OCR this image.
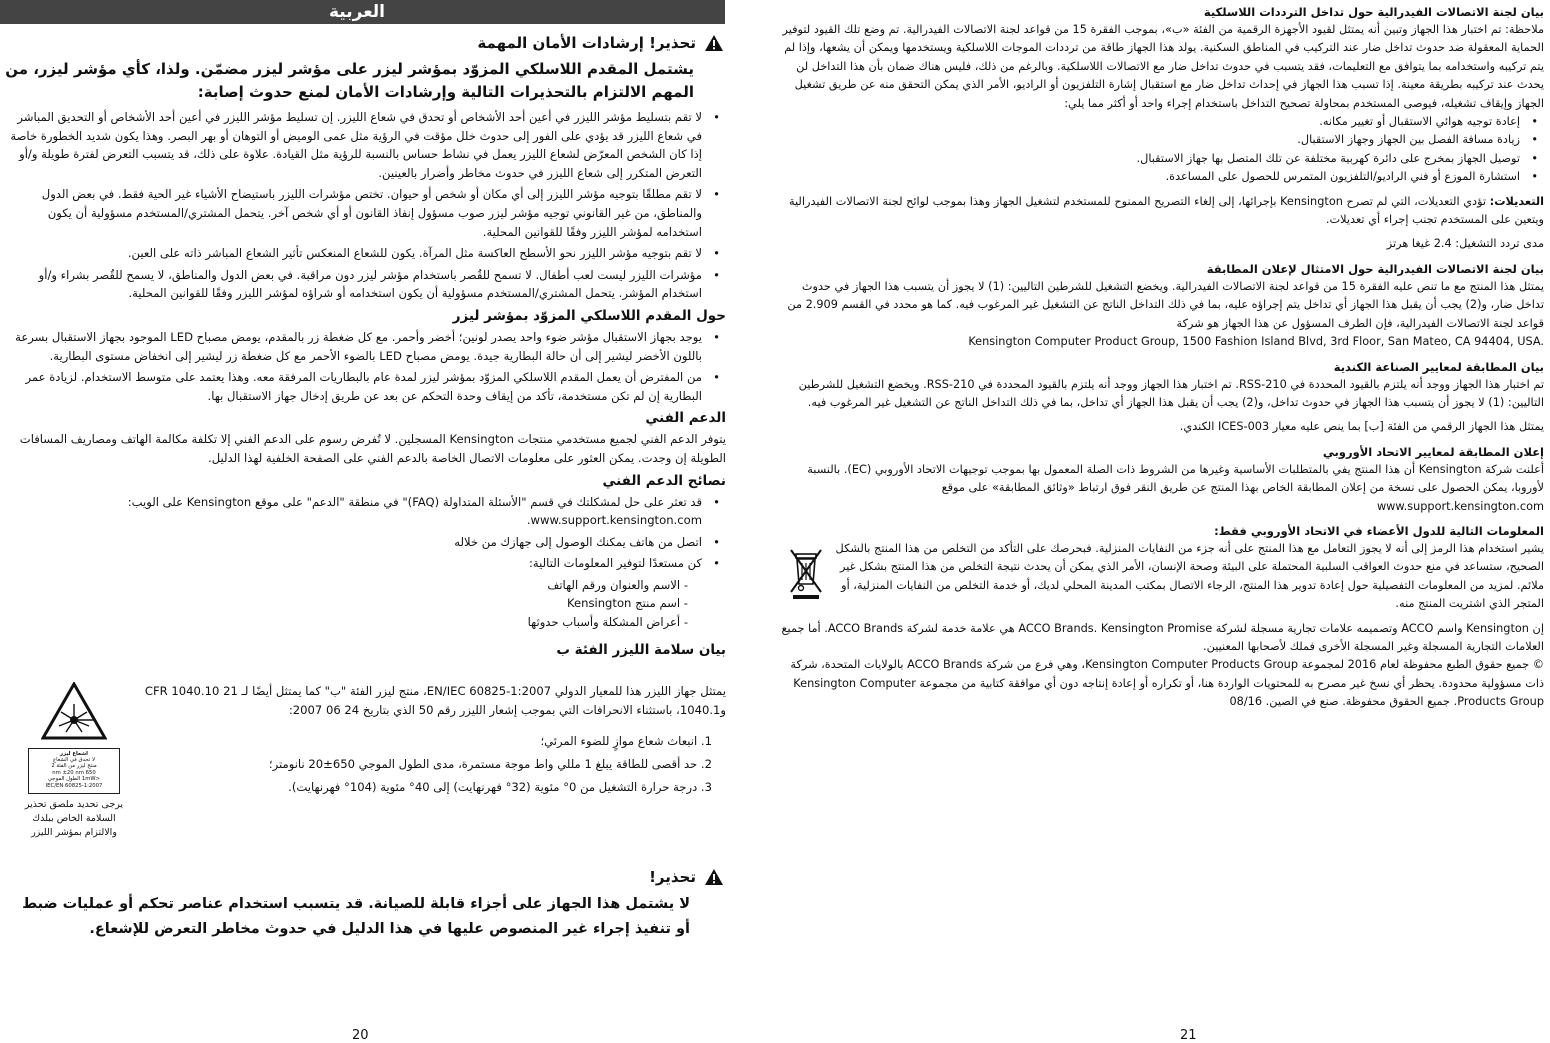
العربية
تحذير! إرشادات الأمان المهمة
يشتمل المقدم اللاسلكي المزوّد بمؤشر ليزر على مؤشر ليزر مضمّن. ولذا، كأي مؤشر ليزر، من المهم الالتزام بالتحذيرات التالية وإرشادات الأمان لمنع حدوث إصابة:
• لا تقم بتسليط مؤشر الليزر في أعين أحد الأشخاص أو تحدق في شعاع الليزر. إن تسليط مؤشر الليزر في أعين أحد الأشخاص أو التحديق المباشر في شعاع الليزر قد يؤدي على الفور إلى حدوث خلل مؤقت في الرؤية مثل عمى الوميض أو التوهان أو بهر البصر. وهذا يكون شديد الخطورة خاصة إذا كان الشخص المعرّض لشعاع الليزر يعمل في نشاط حساس بالنسبة للرؤية مثل القيادة. علاوة على ذلك، قد يتسبب التعرض لفترة طويلة و/أو التعرض المتكرر إلى شعاع الليزر في حدوث مخاطر وأضرار بالعينين.
• لا تقم مطلقًا بتوجيه مؤشر الليزر إلى أي مكان أو شخص أو حيوان. تختص مؤشرات الليزر باستيضاح الأشياء غير الحية فقط. في بعض الدول والمناطق، من غير القانوني توجيه مؤشر ليزر صوب مسؤول إنفاذ القانون أو أي شخص آخر. يتحمل المشتري/المستخدم مسؤولية أن يكون استخدامه لمؤشر الليزر وفقًا للقوانين المحلية.
• لا تقم بتوجيه مؤشر الليزر نحو الأسطح العاكسة مثل المرآة. يكون للشعاع المنعكس تأثير الشعاع المباشر ذاته على العين.
• مؤشرات الليزر ليست لعب أطفال. لا تسمح للقُصر باستخدام مؤشر ليزر دون مراقبة. في بعض الدول والمناطق، لا يسمح للقُصر بشراء و/أو استخدام المؤشر. يتحمل المشتري/المستخدم مسؤولية أن يكون استخدامه أو شراؤه لمؤشر الليزر وفقًا للقوانين المحلية.
حول المقدم اللاسلكي المزوّد بمؤشر ليزر
• يوجد بجهاز الاستقبال مؤشر ضوء واحد يصدر لونين؛ أخضر وأحمر. مع كل ضغطة زر بالمقدم، يومض مصباح LED الموجود بجهاز الاستقبال بسرعة باللون الأخضر ليشير إلى أن حالة البطارية جيدة. يومض مصباح LED بالضوء الأحمر مع كل ضغطة زر ليشير إلى انخفاض مستوى البطارية.
• من المفترض أن يعمل المقدم اللاسلكي المزوّد بمؤشر ليزر لمدة عام بالبطاريات المرفقة معه. وهذا يعتمد على متوسط الاستخدام. لزيادة عمر البطارية إن لم تكن مستخدمة، تأكد من إيقاف وحدة التحكم عن بعد عن طريق إدخال جهاز الاستقبال بها.
الدعم الفني
يتوفر الدعم الفني لجميع مستخدمي منتجات Kensington المسجلين. لا تُفرض رسوم على الدعم الفني إلا تكلفة مكالمة الهاتف ومصاريف المسافات الطويلة إن وجدت. يمكن العثور على معلومات الاتصال الخاصة بالدعم الفني على الصفحة الخلفية لهذا الدليل.
نصائح الدعم الفني
• قد تعثر على حل لمشكلتك في قسم "الأسئلة المتداولة (FAQ)" في منطقة "الدعم" على موقع Kensington على الويب: www.support.kensington.com.
• اتصل من هاتف يمكنك الوصول إلى جهازك من خلاله
• كن مستعدًا لتوفير المعلومات التالية:
- الاسم والعنوان ورقم الهاتف
- اسم منتج Kensington
- أعراض المشكلة وأسباب حدوثها
بيان سلامة الليزر الفئة ب
يمتثل جهاز الليزر هذا للمعيار الدولي EN/IEC 60825-1:2007، منتج ليزر الفئة "ب" كما يمتثل أيضًا لـ 21 CFR 1040.10 و1040.1، باستثناء الانحرافات التي بموجب إشعار الليزر رقم 50 الذي بتاريخ 24 06 2007:
1. انبعاث شعاع موازٍ للضوء المرئي؛
2. حد أقصى للطاقة يبلغ 1 مللي واط موجة مستمرة، مدى الطول الموجي 650±20 نانومتر؛
3. درجة حرارة التشغيل من 0° مئوية (32° فهرنهايت) إلى 40° مئوية (104° فهرنهايت).
اشعاع ليزر
لا تحدق في الشعاع
منتج ليزر من الفئة 2
650 nm ±20 nm
<1mW الطول الموجي
IEC/EN 60825-1:2007
يرجى تحديد ملصق تحذير السلامة الخاص ببلدك والالتزام بمؤشر الليزر
تحذير!
لا يشتمل هذا الجهاز على أجزاء قابلة للصيانة. قد يتسبب استخدام عناصر تحكم أو عمليات ضبط أو تنفيذ إجراء غير المنصوص عليها في هذا الدليل في حدوث مخاطر التعرض للإشعاع.
20
بيان لجنة الاتصالات الفيدرالية حول تداخل الترددات اللاسلكية
ملاحظة: تم اختبار هذا الجهاز وتبين أنه يمتثل لقيود الأجهزة الرقمية من الفئة «ب»، بموجب الفقرة 15 من قواعد لجنة الاتصالات الفيدرالية. تم وضع تلك القيود لتوفير الحماية المعقولة ضد حدوث تداخل ضار عند التركيب في المناطق السكنية. يولد هذا الجهاز طاقة من ترددات الموجات اللاسلكية ويستخدمها ويمكن أن يشعها، وإذا لم يتم تركيبه واستخدامه بما يتوافق مع التعليمات، فقد يتسبب في حدوث تداخل ضار مع الاتصالات اللاسلكية. وبالرغم من ذلك، فليس هناك ضمان بأن هذا التداخل لن يحدث عند تركيبه بطريقة معينة. إذا تسبب هذا الجهاز في إحداث تداخل ضار مع استقبال إشارة التلفزيون أو الراديو، الأمر الذي يمكن التحقق منه عن طريق تشغيل الجهاز وإيقاف تشغيله، فيوصى المستخدم بمحاولة تصحيح التداخل باستخدام إجراء واحد أو أكثر مما يلي:
• إعادة توجيه هوائي الاستقبال أو تغيير مكانه.
• زيادة مسافة الفصل بين الجهاز وجهاز الاستقبال.
• توصيل الجهاز بمخرج على دائرة كهربية مختلفة عن تلك المتصل بها جهاز الاستقبال.
• استشارة الموزع أو فني الراديو/التلفزيون المتمرس للحصول على المساعدة.
التعديلات: تؤدي التعديلات، التي لم تصرح Kensington بإجرائها، إلى إلغاء التصريح الممنوح للمستخدم لتشغيل الجهاز وهذا بموجب لوائح لجنة الاتصالات الفيدرالية ويتعين على المستخدم تجنب إجراء أي تعديلات.
مدى تردد التشغيل: 2.4 غيغا هرتز
بيان لجنة الاتصالات الفيدرالية حول الامتثال لإعلان المطابقة
يمتثل هذا المنتج مع ما تنص عليه الفقرة 15 من قواعد لجنة الاتصالات الفيدرالية. ويخضع التشغيل للشرطين التاليين: (1) لا يجوز أن يتسبب هذا الجهاز في حدوث تداخل ضار، و(2) يجب أن يقبل هذا الجهاز أي تداخل يتم إجراؤه عليه، بما في ذلك التداخل الناتج عن التشغيل غير المرغوب فيه. كما هو محدد في القسم 2.909 من قواعد لجنة الاتصالات الفيدرالية، فإن الطرف المسؤول عن هذا الجهاز هو شركة
Kensington Computer Product Group, 1500 Fashion Island Blvd, 3rd Floor, San Mateo, CA 94404, USA.
بيان المطابقة لمعايير الصناعة الكندية
تم اختبار هذا الجهاز ووجد أنه يلتزم بالقيود المحددة في RSS-210. تم اختبار هذا الجهاز ووجد أنه يلتزم بالقيود المحددة في RSS-210. ويخضع التشغيل للشرطين التاليين: (1) لا يجوز أن يتسبب هذا الجهاز في حدوث تداخل، و(2) يجب أن يقبل هذا الجهاز أي تداخل، بما في ذلك التداخل الناتج عن التشغيل غير المرغوب فيه.
يمتثل هذا الجهاز الرقمي من الفئة [ب] بما ينص عليه معيار ICES-003 الكندي.
إعلان المطابقة لمعايير الاتحاد الأوروبي
أعلنت شركة Kensington أن هذا المنتج يفي بالمتطلبات الأساسية وغيرها من الشروط ذات الصلة المعمول بها بموجب توجيهات الاتحاد الأوروبي (EC). بالنسبة لأوروبا، يمكن الحصول على نسخة من إعلان المطابقة الخاص بهذا المنتج عن طريق النقر فوق ارتباط «وثائق المطابقة» على موقع
www.support.kensington.com
المعلومات التالية للدول الأعضاء في الاتحاد الأوروبي فقط:
يشير استخدام هذا الرمز إلى أنه لا يجوز التعامل مع هذا المنتج على أنه جزء من النفايات المنزلية. فبحرصك على التأكد من التخلص من هذا المنتج بالشكل الصحيح، ستساعد في منع حدوث العواقب السلبية المحتملة على البيئة وصحة الإنسان، الأمر الذي يمكن أن يحدث نتيجة التخلص من هذا المنتج بشكل غير ملائم. لمزيد من المعلومات التفصيلية حول إعادة تدوير هذا المنتج، الرجاء الاتصال بمكتب المدينة المحلي لديك، أو خدمة التخلص من النفايات المنزلية، أو المتجر الذي اشتريت المنتج منه.
إن Kensington واسم ACCO وتصميمه علامات تجارية مسجلة لشركة ACCO Brands. Kensington Promise هي علامة خدمة لشركة ACCO Brands. أما جميع العلامات التجارية المسجلة وغير المسجلة الأخرى فملك لأصحابها المعنيين.
© جميع حقوق الطبع محفوظة لعام 2016 لمجموعة Kensington Computer Products Group، وهي فرع من شركة ACCO Brands بالولايات المتحدة، شركة ذات مسؤولية محدودة. يحظر أي نسخ غير مصرح به للمحتويات الواردة هنا، أو تكراره أو إعادة إنتاجه دون أي موافقة كتابية من مجموعة Kensington Computer Products Group. جميع الحقوق محفوظة. صنع في الصين. 08/16
21
